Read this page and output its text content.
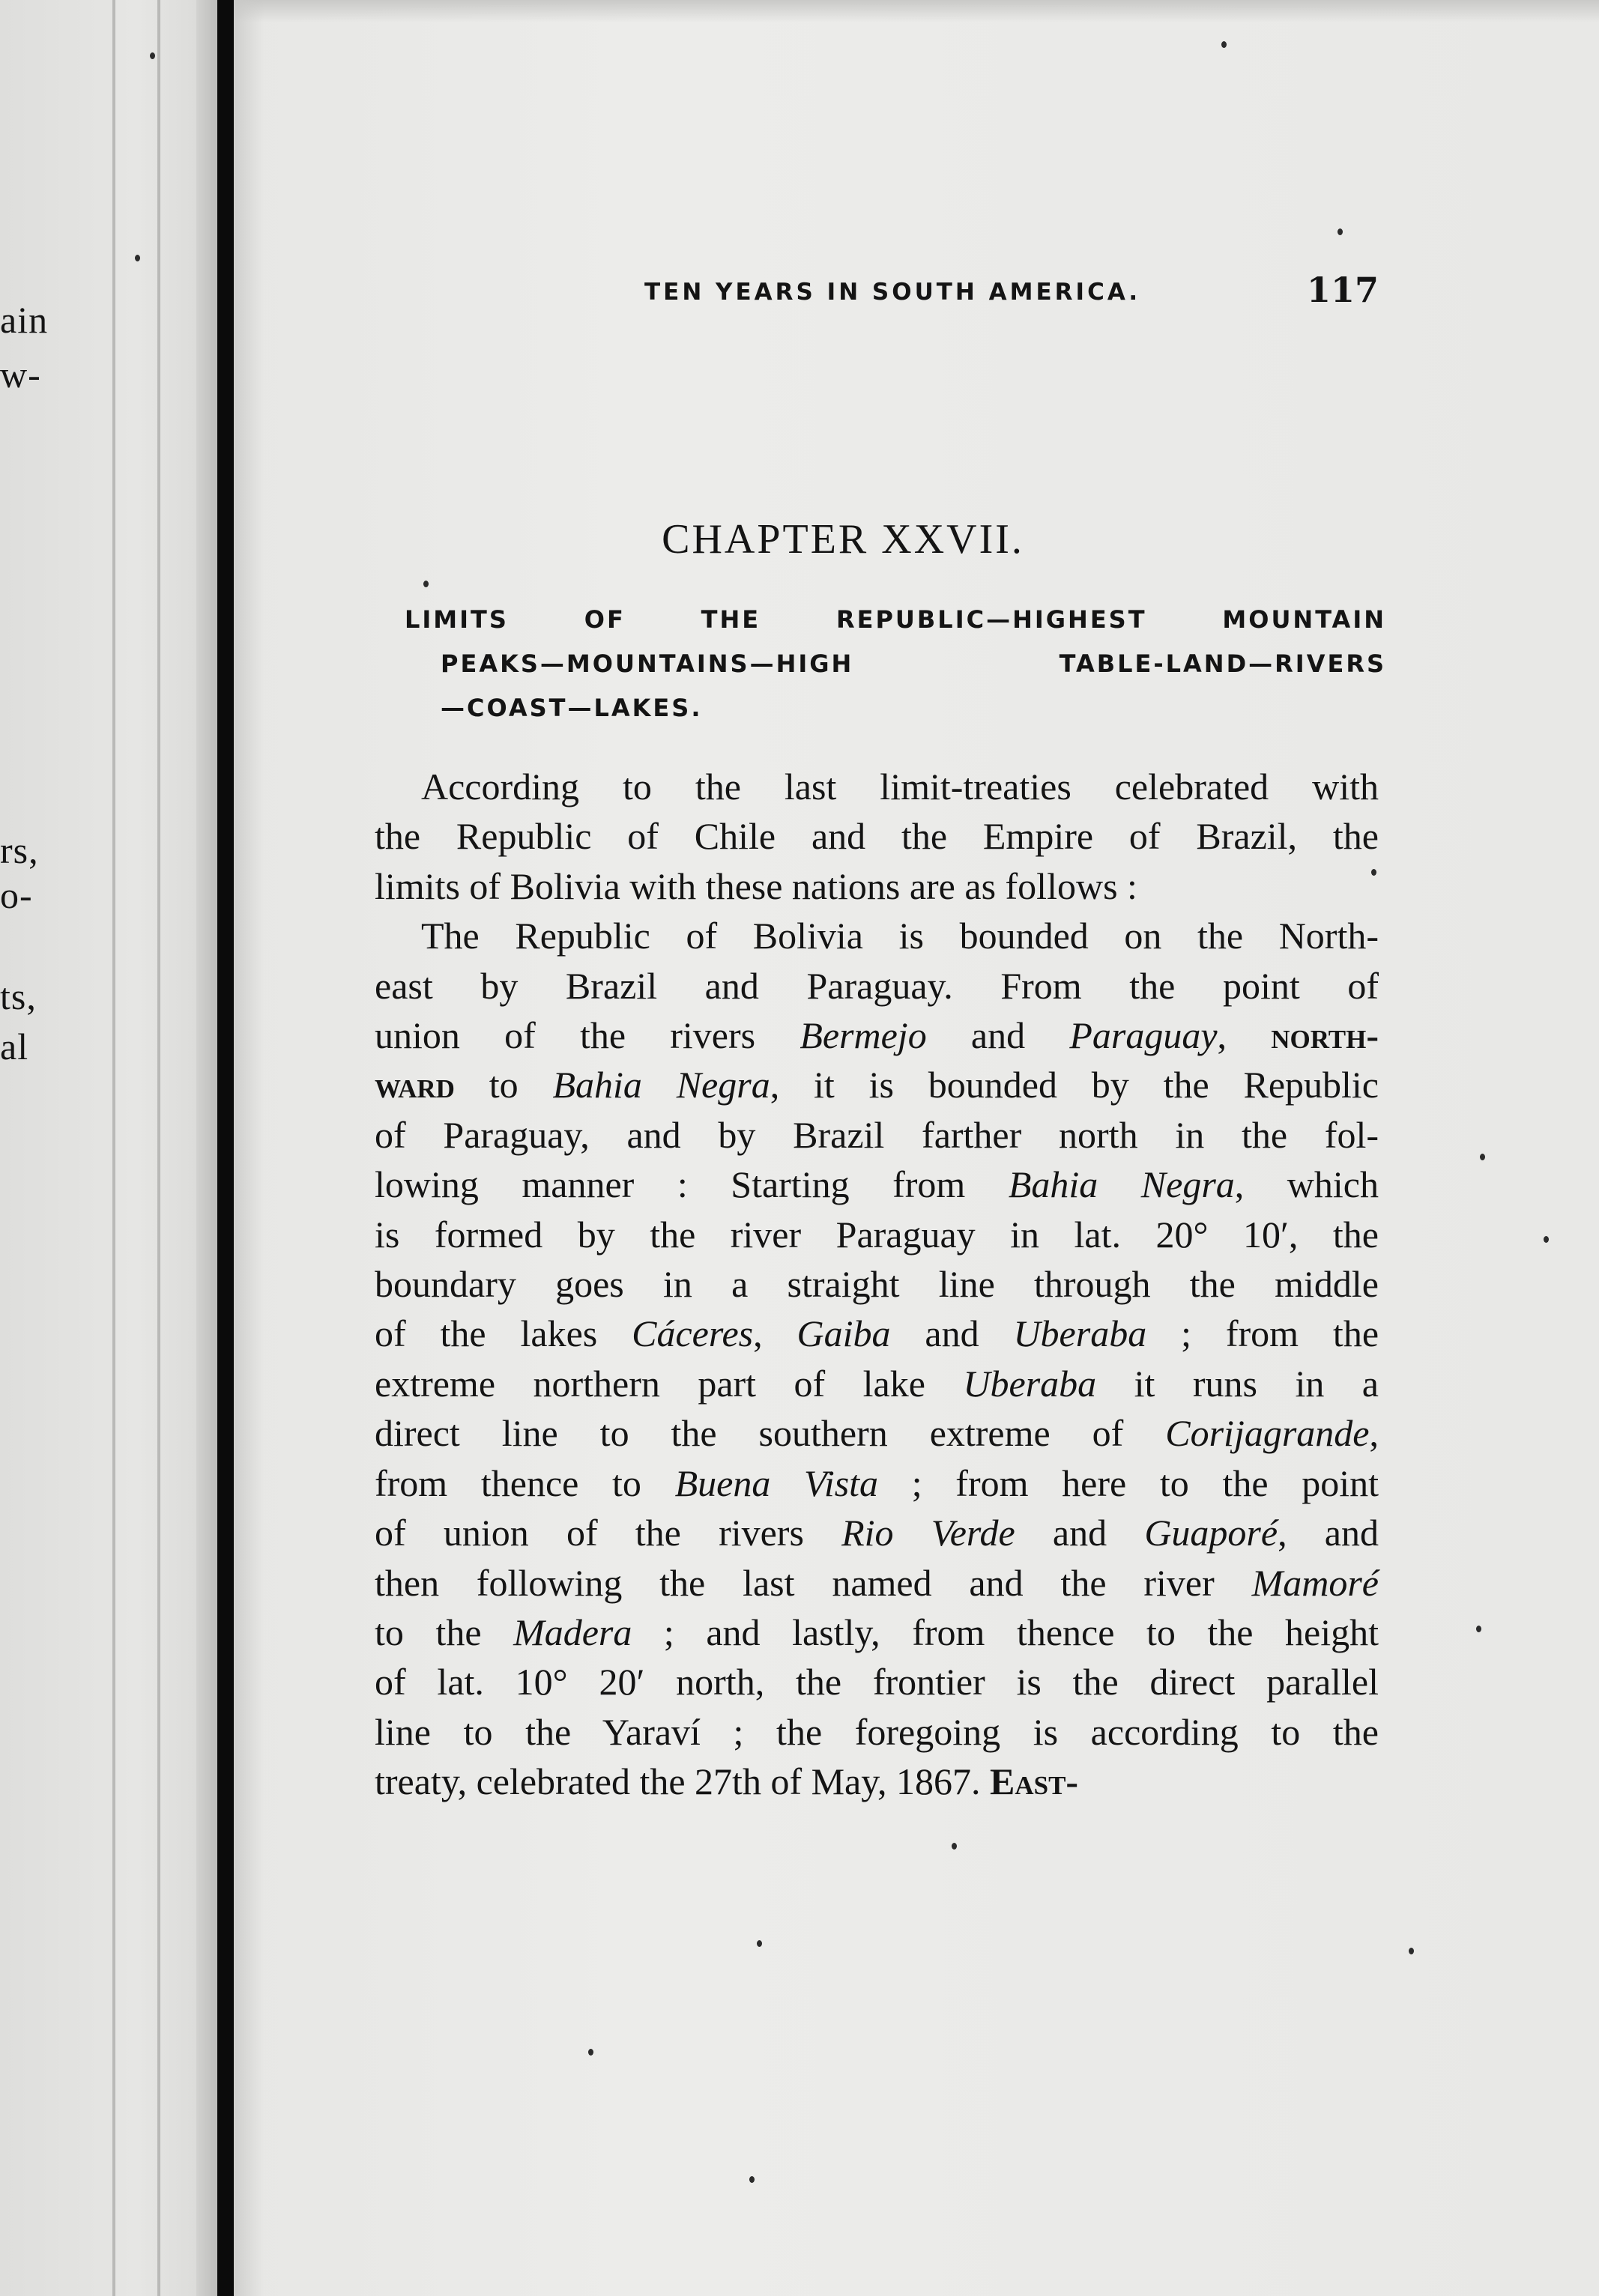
ain
w-
rs,
o-
ts,
al
TEN YEARS IN SOUTH AMERICA.	117
CHAPTER XXVII.
LIMITS OF THE REPUBLIC—HIGHEST MOUNTAIN
PEAKS—MOUNTAINS—HIGH TABLE-LAND—RIVERS
—COAST—LAKES.
According to the last limit-treaties celebrated with
the Republic of Chile and the Empire of Brazil, the
limits of Bolivia with these nations are as follows :
The Republic of Bolivia is bounded on the North-
east by Brazil and Paraguay. From the point of
union of the rivers Bermejo and Paraguay, north-
ward to Bahia Negra, it is bounded by the Republic
of Paraguay, and by Brazil farther north in the fol-
lowing manner : Starting from Bahia Negra, which
is formed by the river Paraguay in lat. 20° 10′, the
boundary goes in a straight line through the middle
of the lakes Cáceres, Gaiba and Uberaba ; from the
extreme northern part of lake Uberaba it runs in a
direct line to the southern extreme of Corijagrande,
from thence to Buena Vista ; from here to the point
of union of the rivers Rio Verde and Guaporé, and
then following the last named and the river Mamoré
to the Madera ; and lastly, from thence to the height
of lat. 10° 20′ north, the frontier is the direct parallel
line to the Yaraví ; the foregoing is according to the
treaty, celebrated the 27th of May, 1867. East-
